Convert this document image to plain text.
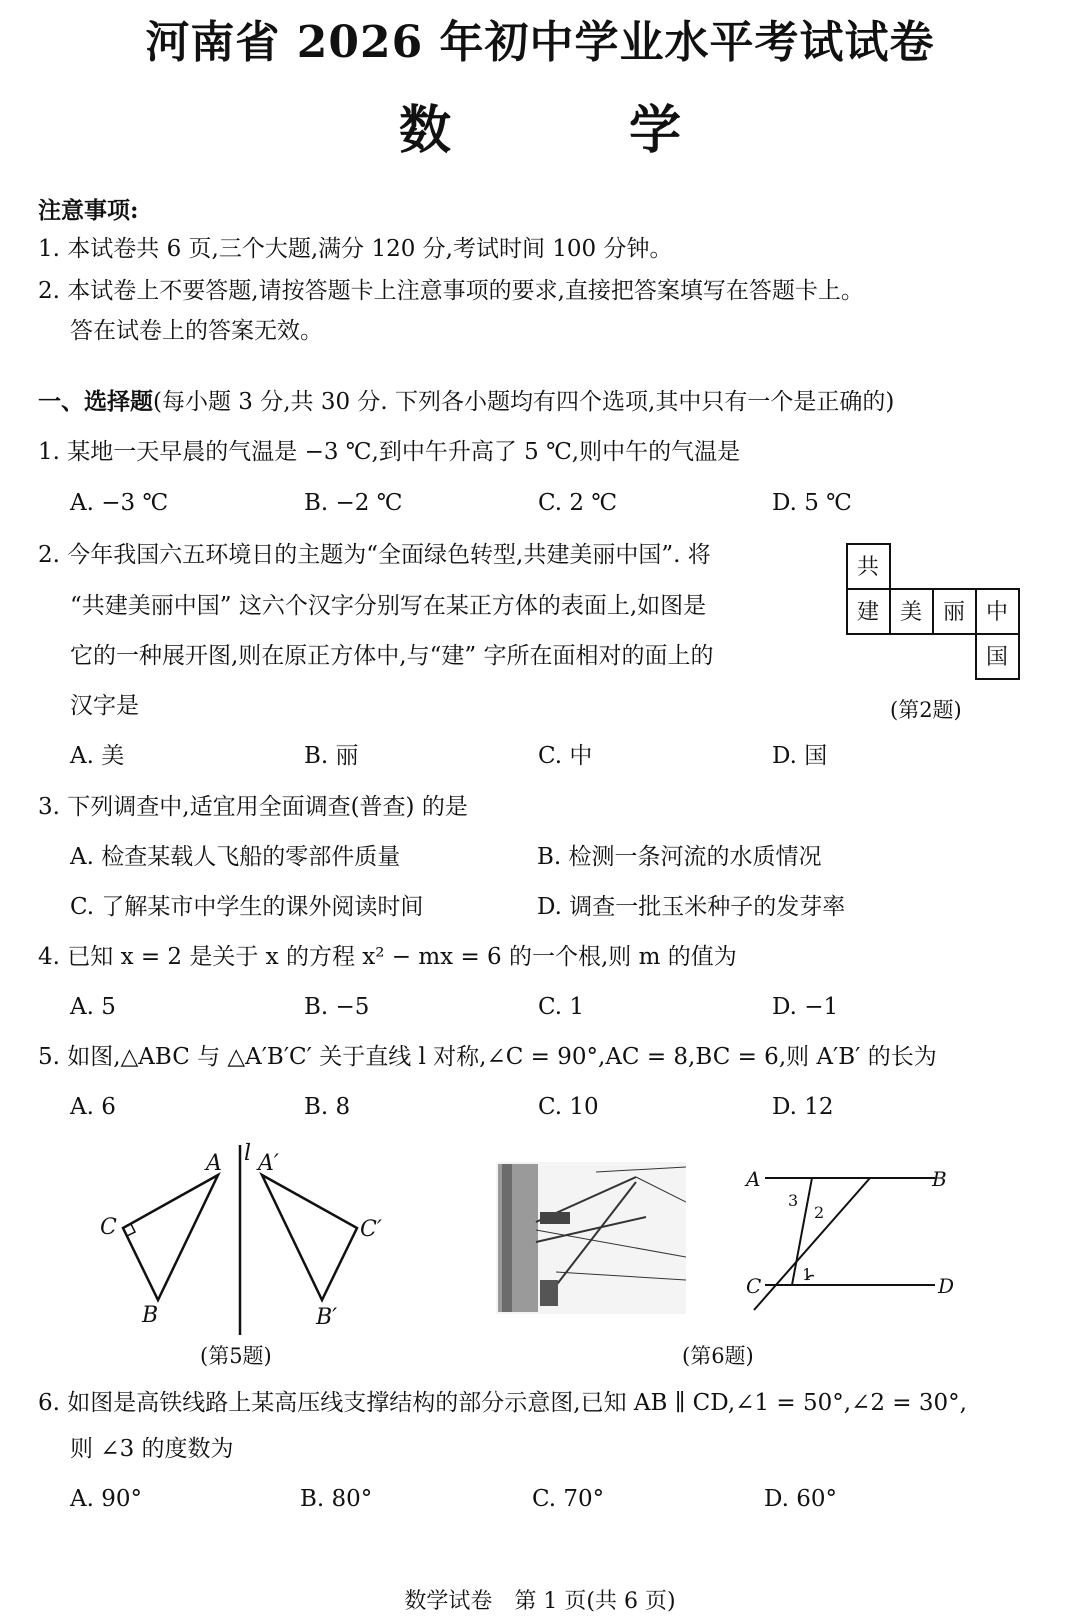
河南省 2026 年初中学业水平考试试卷
数 学
注意事项:
1. 本试卷共 6 页,三个大题,满分 120 分,考试时间 100 分钟。
2. 本试卷上不要答题,请按答题卡上注意事项的要求,直接把答案填写在答题卡上。
答在试卷上的答案无效。
一、选择题(每小题 3 分,共 30 分. 下列各小题均有四个选项,其中只有一个是正确的)
1. 某地一天早晨的气温是 −3 ℃,到中午升高了 5 ℃,则中午的气温是
A. −3 ℃	B. −2 ℃	C. 2 ℃	D. 5 ℃
2. 今年我国六五环境日的主题为“全面绿色转型,共建美丽中国”. 将
“共建美丽中国” 这六个汉字分别写在某正方体的表面上,如图是
它的一种展开图,则在原正方体中,与“建” 字所在面相对的面上的
汉字是
共
建 美 丽 中
国
(第2题)
A. 美	B. 丽	C. 中	D. 国
3. 下列调查中,适宜用全面调查(普查) 的是
A. 检查某载人飞船的零部件质量	B. 检测一条河流的水质情况
C. 了解某市中学生的课外阅读时间	D. 调查一批玉米种子的发芽率
4. 已知 x = 2 是关于 x 的方程 x² − mx = 6 的一个根,则 m 的值为
A. 5	B. −5	C. 1	D. −1
5. 如图,△ABC 与 △A′B′C′ 关于直线 l 对称,∠C = 90°,AC = 8,BC = 6,则 A′B′ 的长为
A. 6	B. 8	C. 10	D. 12
A
B
C
l A′
B′
C′
(第5题)
A	B
C	D
1
2
3
(第6题)
6. 如图是高铁线路上某高压线支撑结构的部分示意图,已知 AB ∥ CD,∠1 = 50°,∠2 = 30°,
则 ∠3 的度数为
A. 90°	B. 80°	C. 70°	D. 60°
数学试卷　第 1 页(共 6 页)
